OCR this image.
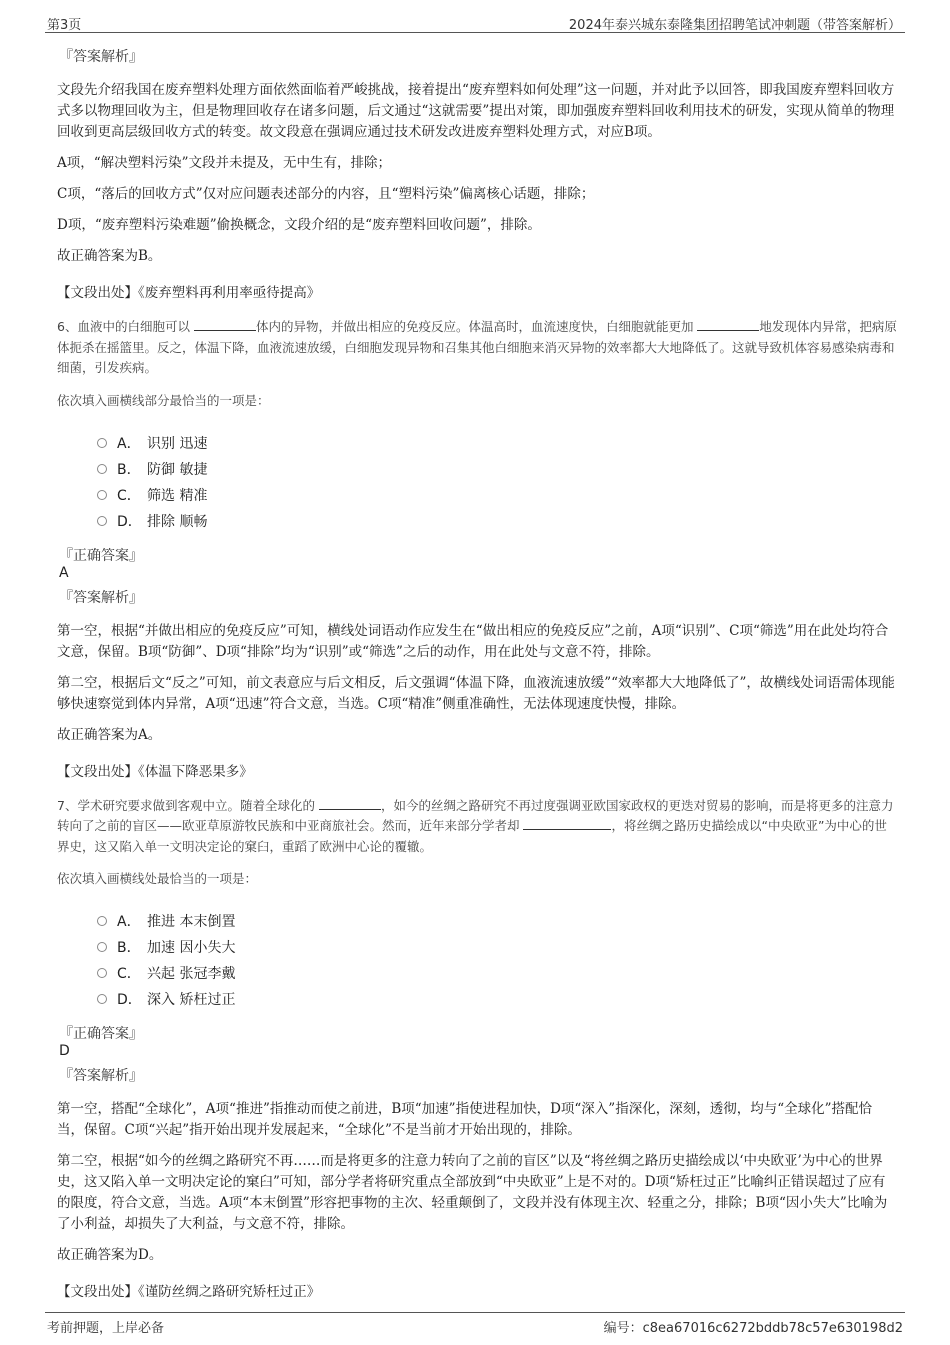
第3页	2024年泰兴城东泰隆集团招聘笔试冲刺题（带答案解析）
『答案解析』

文段先介绍我国在废弃塑料处理方面依然面临着严峻挑战，接着提出“废弃塑料如何处理”这一问题，并对此予以回答，即我国废弃塑料回收方式多以物理回收为主，但是物理回收存在诸多问题，后文通过“这就需要”提出对策，即加强废弃塑料回收利用技术的研发，实现从简单的物理回收到更高层级回收方式的转变。故文段意在强调应通过技术研发改进废弃塑料处理方式，对应B项。

A项，“解决塑料污染”文段并未提及，无中生有，排除；

C项，“落后的回收方式”仅对应问题表述部分的内容，且“塑料污染”偏离核心话题，排除；

D项，“废弃塑料污染难题”偷换概念，文段介绍的是“废弃塑料回收问题”，排除。

故正确答案为B。

【文段出处】《废弃塑料再利用率亟待提高》

6、血液中的白细胞可以	体内的异物，并做出相应的免疫反应。体温高时，血流速度快，白细胞就能更加	地发现体内异常，把病原体扼杀在摇篮里。反之，体温下降，血液流速放缓，白细胞发现异物和召集其他白细胞来消灭异物的效率都大大地降低了。这就导致机体容易感染病毒和细菌，引发疾病。

依次填入画横线部分最恰当的一项是：
A． 识别 迅速
B． 防御 敏捷
C． 筛选 精准
D． 排除 顺畅
『正确答案』
A
『答案解析』

第一空，根据“并做出相应的免疫反应”可知，横线处词语动作应发生在“做出相应的免疫反应”之前，A项“识别”、C项“筛选”用在此处均符合文意，保留。B项“防御”、D项“排除”均为“识别”或“筛选”之后的动作，用在此处与文意不符，排除。

第二空，根据后文“反之”可知，前文表意应与后文相反，后文强调“体温下降，血液流速放缓”“效率都大大地降低了”，故横线处词语需体现能够快速察觉到体内异常，A项“迅速”符合文意，当选。C项“精准”侧重准确性，无法体现速度快慢，排除。

故正确答案为A。

【文段出处】《体温下降恶果多》

7、学术研究要求做到客观中立。随着全球化的	，如今的丝绸之路研究不再过度强调亚欧国家政权的更迭对贸易的影响，而是将更多的注意力转向了之前的盲区——欧亚草原游牧民族和中亚商旅社会。然而，近年来部分学者却	，将丝绸之路历史描绘成以“中央欧亚”为中心的世界史，这又陷入单一文明决定论的窠臼，重蹈了欧洲中心论的覆辙。

依次填入画横线处最恰当的一项是：
A． 推进 本末倒置
B． 加速 因小失大
C． 兴起 张冠李戴
D． 深入 矫枉过正
『正确答案』
D
『答案解析』

第一空，搭配“全球化”，A项“推进”指推动而使之前进，B项“加速”指使进程加快，D项“深入”指深化，深刻，透彻，均与“全球化”搭配恰当，保留。C项“兴起”指开始出现并发展起来，“全球化”不是当前才开始出现的，排除。

第二空，根据“如今的丝绸之路研究不再……而是将更多的注意力转向了之前的盲区”以及“将丝绸之路历史描绘成以‘中央欧亚’为中心的世界史，这又陷入单一文明决定论的窠臼”可知，部分学者将研究重点全部放到“中央欧亚”上是不对的。D项“矫枉过正”比喻纠正错误超过了应有的限度，符合文意，当选。A项“本末倒置”形容把事物的主次、轻重颠倒了，文段并没有体现主次、轻重之分，排除；B项“因小失大”比喻为了小利益，却损失了大利益，与文意不符，排除。

故正确答案为D。

【文段出处】《谨防丝绸之路研究矫枉过正》
考前押题，上岸必备	编号：c8ea67016c6272bddb78c57e630198d2
